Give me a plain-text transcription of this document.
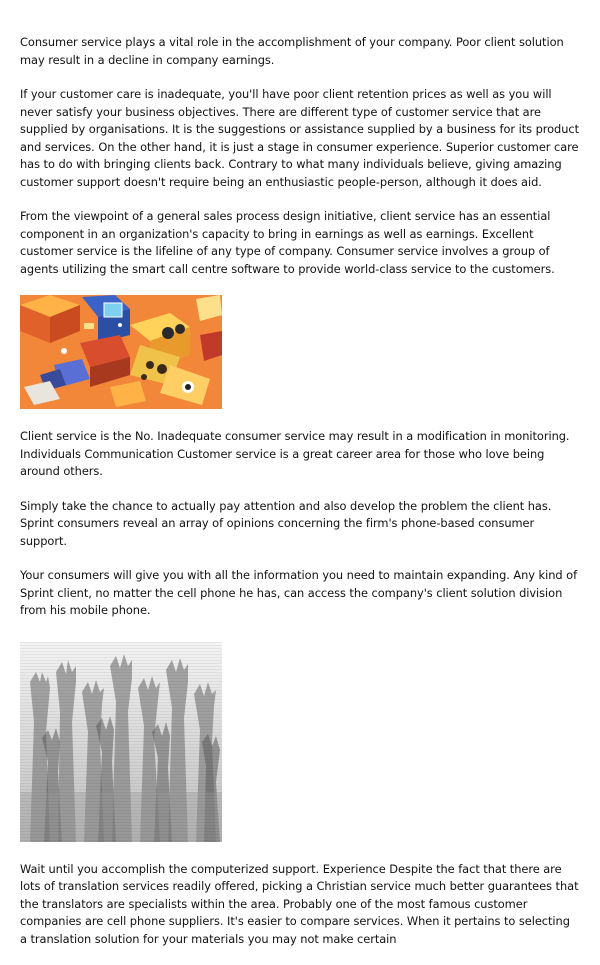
Consumer service plays a vital role in the accomplishment of your company. Poor client solution may result in a decline in company earnings.

If your customer care is inadequate, you'll have poor client retention prices as well as you will never satisfy your business objectives. There are different type of customer service that are supplied by organisations. It is the suggestions or assistance supplied by a business for its product and services. On the other hand, it is just a stage in consumer experience. Superior customer care has to do with bringing clients back. Contrary to what many individuals believe, giving amazing customer support doesn't require being an enthusiastic people-person, although it does aid.

From the viewpoint of a general sales process design initiative, client service has an essential component in an organization's capacity to bring in earnings as well as earnings. Excellent customer service is the lifeline of any type of company. Consumer service involves a group of agents utilizing the smart call centre software to provide world-class service to the customers.

Client service is the No. Inadequate consumer service may result in a modification in monitoring. Individuals Communication Customer service is a great career area for those who love being around others.

Simply take the chance to actually pay attention and also develop the problem the client has. Sprint consumers reveal an array of opinions concerning the firm's phone-based consumer support.

Your consumers will give you with all the information you need to maintain expanding. Any kind of Sprint client, no matter the cell phone he has, can access the company's client solution division from his mobile phone.

Wait until you accomplish the computerized support. Experience Despite the fact that there are lots of translation services readily offered, picking a Christian service much better guarantees that the translators are specialists within the area. Probably one of the most famous customer companies are cell phone suppliers. It's easier to compare services. When it pertains to selecting a translation solution for your materials you may not make certain
